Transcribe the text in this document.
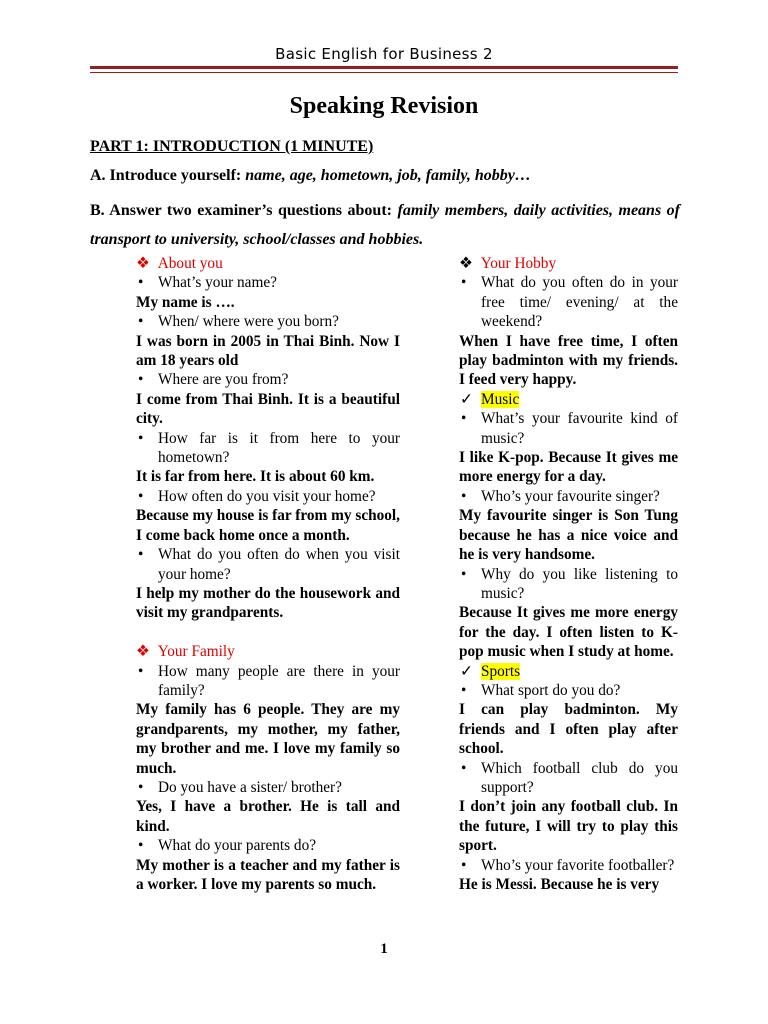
Basic English for Business 2
Speaking Revision
PART 1: INTRODUCTION (1 MINUTE)
A. Introduce yourself: name, age, hometown, job, family, hobby…
B. Answer two examiner’s questions about: family members, daily activities, means of transport to university, school/classes and hobbies.

❖ About you

• What’s your name?

My name is ….

• When/ where were you born?

I was born in 2005 in Thai Binh. Now I am 18 years old

• Where are you from?

I come from Thai Binh. It is a beautiful city.

• How far is it from here to your hometown?

It is far from here. It is about 60 km.

• How often do you visit your home?

Because my house is far from my school, I come back home once a month.

• What do you often do when you visit your home?

I help my mother do the housework and visit my grandparents.

❖ Your Family

• How many people are there in your family?

My family has 6 people. They are my grandparents, my mother, my father, my brother and me. I love my family so much.

• Do you have a sister/ brother?

Yes, I have a brother. He is tall and kind.

• What do your parents do?

My mother is a teacher and my father is a worker. I love my parents so much.

❖ Your Hobby

• What do you often do in your free time/ evening/ at the weekend?

When I have free time, I often play badminton with my friends. I feed very happy.

✓ Music

• What’s your favourite kind of music?

I like K-pop. Because It gives me more energy for a day.

• Who’s your favourite singer?

My favourite singer is Son Tung because he has a nice voice and he is very handsome.

• Why do you like listening to music?

Because It gives me more energy for the day. I often listen to K-pop music when I study at home.

✓ Sports

• What sport do you do?

I can play badminton. My friends and I often play after school.

• Which football club do you support?

I don’t join any football club. In the future, I will try to play this sport.

• Who’s your favorite footballer?

He is Messi. Because he is very

1
